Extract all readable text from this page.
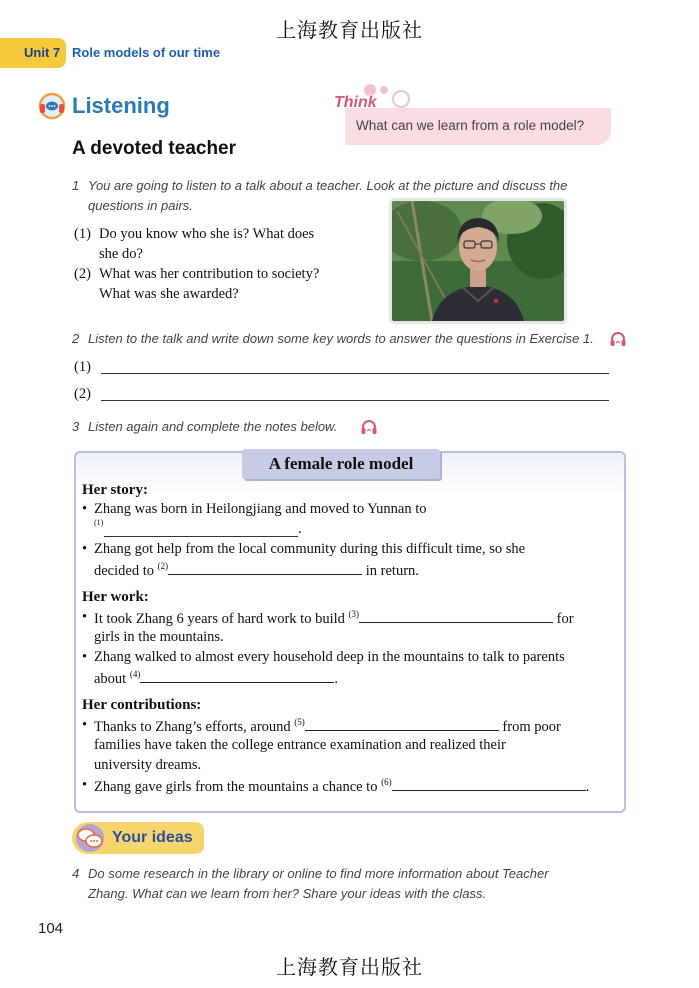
上海教育出版社
Unit 7 Role models of our time
Listening	Think
What can we learn from a role model?
A devoted teacher
1 You are going to listen to a talk about a teacher. Look at the picture and discuss the
questions in pairs.
(1) Do you know who she is? What does
she do?
(2) What was her contribution to society?
What was she awarded?
2 Listen to the talk and write down some key words to answer the questions in Exercise 1.
(1)
(2)
3 Listen again and complete the notes below.
A female role model
Her story:
• Zhang was born in Heilongjiang and moved to Yunnan to
(1)	.
• Zhang got help from the local community during this difficult time, so she
decided to $^{(2)}$	in return.
Her work:
• It took Zhang 6 years of hard work to build $^{(3)}$	for
girls in the mountains.
• Zhang walked to almost every household deep in the mountains to talk to parents
about $^{(4)}$	.
Her contributions:
• Thanks to Zhang’s efforts, around $^{(5)}$	from poor
families have taken the college entrance examination and realized their
university dreams.
• Zhang gave girls from the mountains a chance to $^{(6)}$	.
Your ideas
4 Do some research in the library or online to find more information about Teacher
Zhang. What can we learn from her? Share your ideas with the class.
104
上海教育出版社
